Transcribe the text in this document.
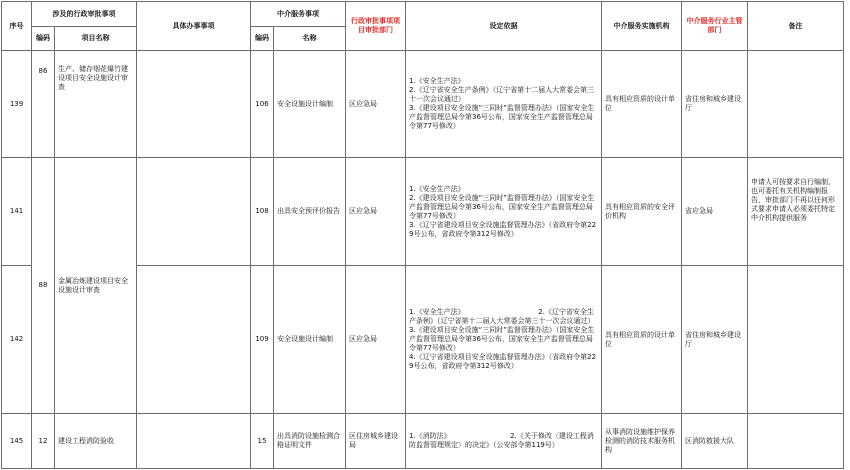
序号	涉及的行政审批事项		具体办事事项	中介服务事项		行政审批事项项目审批部门	设定依据	中介服务实施机构	中介服务行业主管部门	备注
	编码	项目名称		编码	名称					
139	86	生产、储存烟花爆竹建设项目安全设施设计审查		106	安全设施设计编制	区应急局	1.《安全生产法》
2.《辽宁省安全生产条例》（辽宁省第十二届人大常委会第三十一次会议通过）
3.《建设项目安全设施“三同时”监督管理办法》（国家安全生产监督管理总局令第36号公布，国家安全生产监督管理总局令第77号修改）	具有相应资质的设计单位	省住房和城乡建设厅	
141	88	金属冶炼建设项目安全设施设计审查		108	出具安全预评价报告	区应急局	1.《安全生产法》
2.《建设项目安全设施“三同时”监督管理办法》（国家安全生产监督管理总局令第36号公布，国家安全生产监督管理总局令第77号修改）
3.《辽宁省建设项目安全设施监督管理办法》（省政府令第229号公布，省政府令第312号修改）	具有相应资质的安全评价机构	省应急局	申请人可按要求自行编制，也可委托有关机构编制报告，审批部门不再以任何形式要求申请人必须委托特定中介机构提供服务
142				109	安全设施设计编制	区应急局	1.《安全生产法》　　　　　　　　　　　2.《辽宁省安全生产条例》（辽宁省第十二届人大常委会第三十一次会议通过）
3.《建设项目安全设施“三同时”监督管理办法》（国家安全生产监督管理总局令第36号公布，国家安全生产监督管理总局令第77号修改）
4.《辽宁省建设项目安全设施监督管理办法》（省政府令第229号公布，省政府令第312号修改）	具有相应资质的设计单位	省住房和城乡建设厅	
145	12	建设工程消防验收		15	出具消防设施检测合格证明文件	区住房城乡建设局	1.《消防法》　　　　　　　　　2.《关于修改〈建设工程消防监督管理规定〉的决定》（公安部令第119号）	从事消防设施维护保养检测的消防技术服务机构	区消防救援大队	
